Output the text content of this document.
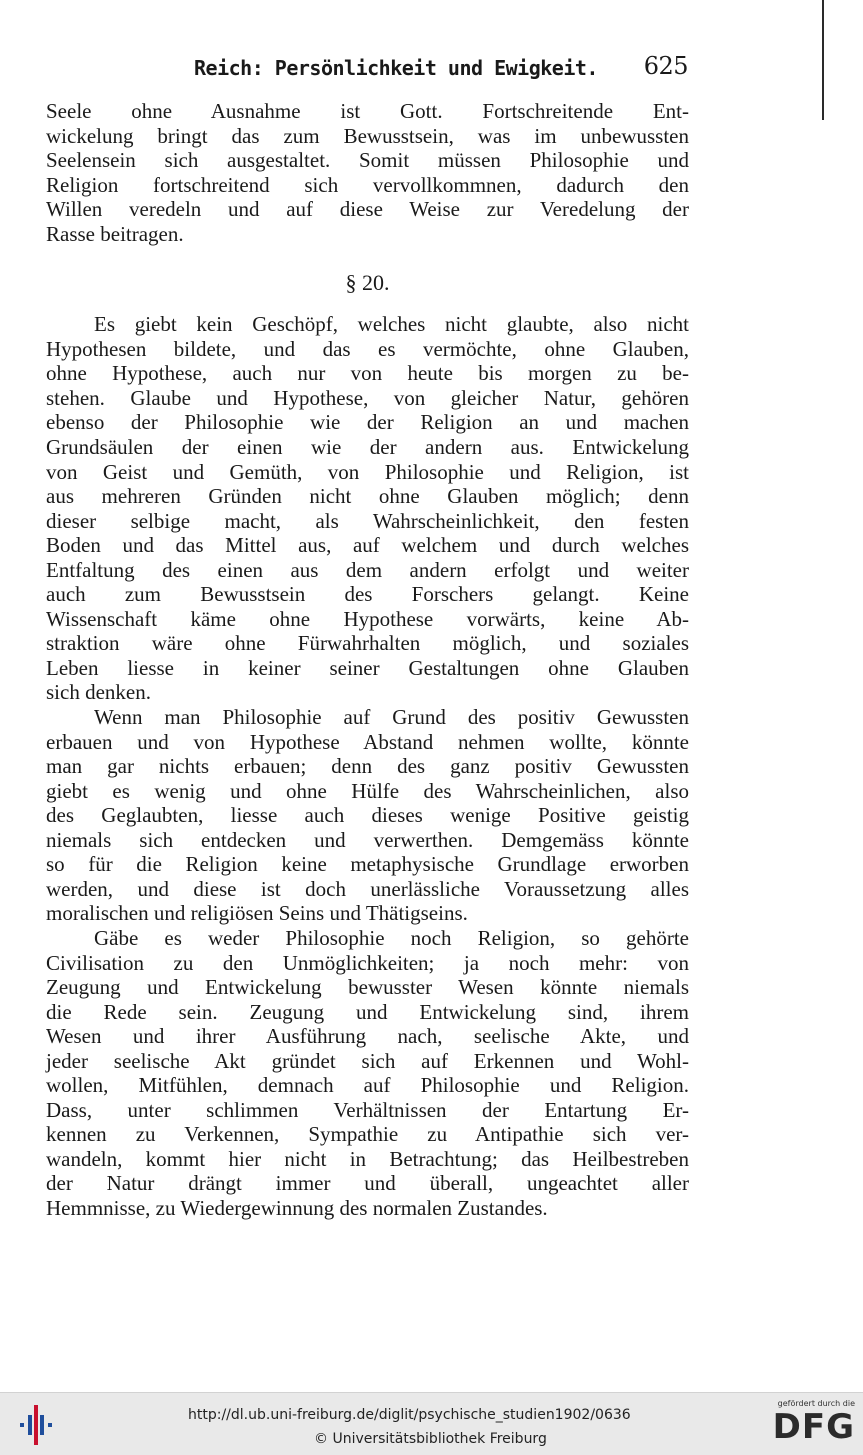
Reich: Persönlichkeit und Ewigkeit. 625
Seele ohne Ausnahme ist Gott. Fortschreitende Ent-
wickelung bringt das zum Bewusstsein, was im unbewussten
Seelensein sich ausgestaltet. Somit müssen Philosophie und
Religion fortschreitend sich vervollkommnen, dadurch den
Willen veredeln und auf diese Weise zur Veredelung der
Rasse beitragen.
§ 20.
Es giebt kein Geschöpf, welches nicht glaubte, also nicht
Hypothesen bildete, und das es vermöchte, ohne Glauben,
ohne Hypothese, auch nur von heute bis morgen zu be-
stehen. Glaube und Hypothese, von gleicher Natur, gehören
ebenso der Philosophie wie der Religion an und machen
Grundsäulen der einen wie der andern aus. Entwickelung
von Geist und Gemüth, von Philosophie und Religion, ist
aus mehreren Gründen nicht ohne Glauben möglich; denn
dieser selbige macht, als Wahrscheinlichkeit, den festen
Boden und das Mittel aus, auf welchem und durch welches
Entfaltung des einen aus dem andern erfolgt und weiter
auch zum Bewusstsein des Forschers gelangt. Keine
Wissenschaft käme ohne Hypothese vorwärts, keine Ab-
straktion wäre ohne Fürwahrhalten möglich, und soziales
Leben liesse in keiner seiner Gestaltungen ohne Glauben
sich denken.
Wenn man Philosophie auf Grund des positiv Gewussten
erbauen und von Hypothese Abstand nehmen wollte, könnte
man gar nichts erbauen; denn des ganz positiv Gewussten
giebt es wenig und ohne Hülfe des Wahrscheinlichen, also
des Geglaubten, liesse auch dieses wenige Positive geistig
niemals sich entdecken und verwerthen. Demgemäss könnte
so für die Religion keine metaphysische Grundlage erworben
werden, und diese ist doch unerlässliche Voraussetzung alles
moralischen und religiösen Seins und Thätigseins.
Gäbe es weder Philosophie noch Religion, so gehörte
Civilisation zu den Unmöglichkeiten; ja noch mehr: von
Zeugung und Entwickelung bewusster Wesen könnte niemals
die Rede sein. Zeugung und Entwickelung sind, ihrem
Wesen und ihrer Ausführung nach, seelische Akte, und
jeder seelische Akt gründet sich auf Erkennen und Wohl-
wollen, Mitfühlen, demnach auf Philosophie und Religion.
Dass, unter schlimmen Verhältnissen der Entartung Er-
kennen zu Verkennen, Sympathie zu Antipathie sich ver-
wandeln, kommt hier nicht in Betrachtung; das Heilbestreben
der Natur drängt immer und überall, ungeachtet aller
Hemmnisse, zu Wiedergewinnung des normalen Zustandes.
http://dl.ub.uni-freiburg.de/diglit/psychische_studien1902/0636
© Universitätsbibliothek Freiburg
gefördert durch die
DFG
